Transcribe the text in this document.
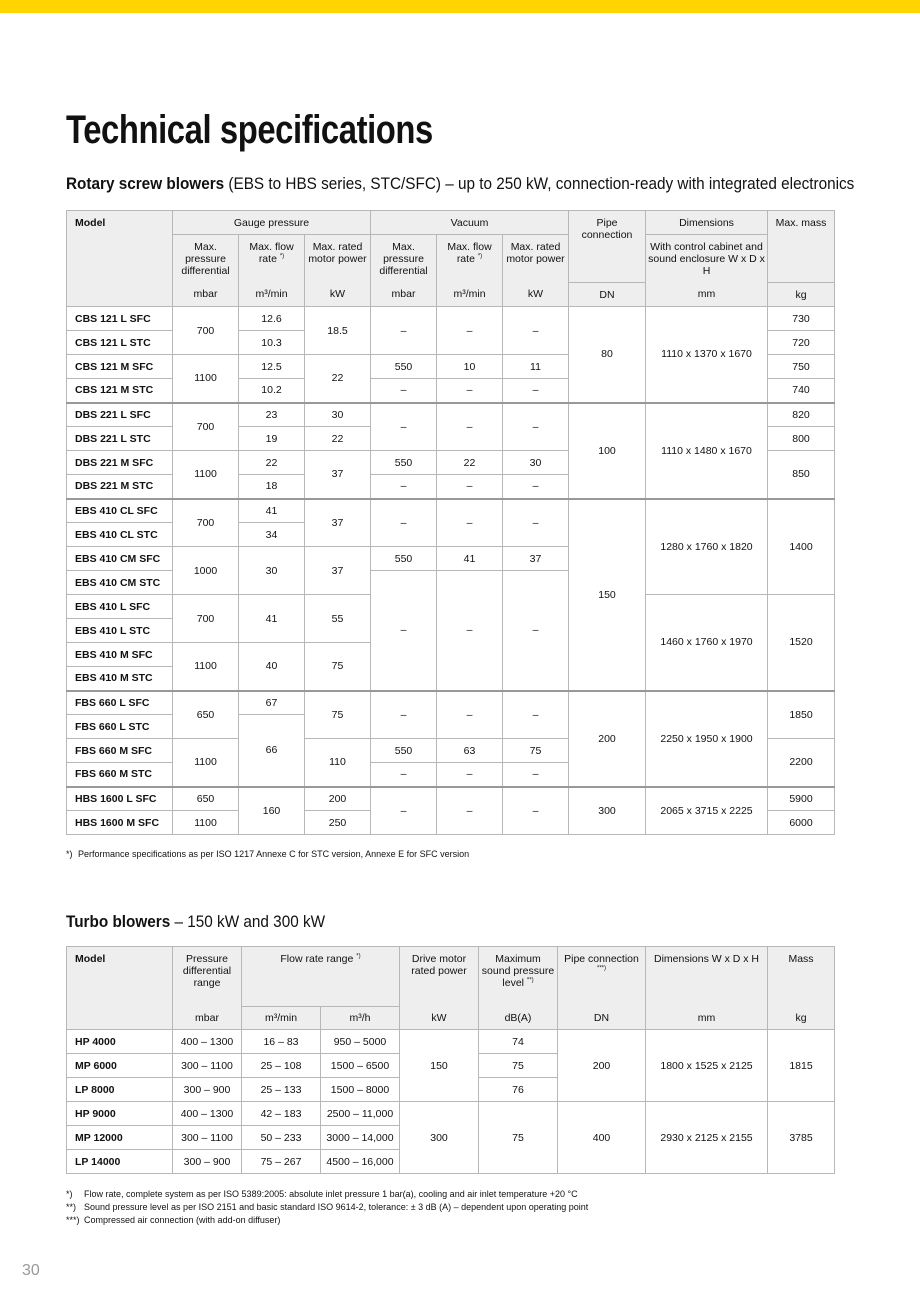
Technical specifications
Rotary screw blowers (EBS to HBS series, STC/SFC) – up to 250 kW, connection-ready with integrated electronics
Model	Gauge pressure			Vacuum			Pipe connection	Dimensions	Max. mass
	Max. pressure differential	Max. flow rate *)	Max. rated motor power	Max. pressure differential	Max. flow rate *)	Max. rated motor power		With control cabinet and sound enclosure W x D x H	
	mbar	m³/min	kW	mbar	m³/min	kW	DN	mm	kg
CBS 121 L SFC	700	12.6	18.5	–	–	–	80	1110 x 1370 x 1670	730
CBS 121 L STC		10.3							720
CBS 121 M SFC	1100	12.5	22	550	10	11			750
CBS 121 M STC		10.2		–	–	–			740
DBS 221 L SFC	700	23	30	–	–	–	100	1110 x 1480 x 1670	820
DBS 221 L STC		19	22						800
DBS 221 M SFC	1100	22	37	550	22	30			850
DBS 221 M STC		18		–	–	–			
EBS 410 CL SFC	700	41	37	–	–	–	150	1280 x 1760 x 1820	1400
EBS 410 CL STC		34							
EBS 410 CM SFC	1000	30	37	550	41	37			
EBS 410 CM STC				–	–	–			
EBS 410 L SFC	700	41	55					1460 x 1760 x 1970	1520
EBS 410 L STC									
EBS 410 M SFC	1100	40	75						
EBS 410 M STC									
FBS 660 L SFC	650	67	75	–	–	–	200	2250 x 1950 x 1900	1850
FBS 660 L STC		66							
FBS 660 M SFC	1100		110	550	63	75			2200
FBS 660 M STC				–	–	–			
HBS 1600 L SFC	650	160	200	–	–	–	300	2065 x 3715 x 2225	5900
HBS 1600 M SFC	1100		250						6000
*) Performance specifications as per ISO 1217 Annexe C for STC version, Annexe E for SFC version
Turbo blowers – 150 kW and 300 kW
Model	Pressure differential range	Flow rate range *)		Drive motor rated power	Maximum sound pressure level **)	Pipe connection ***)	Dimensions W x D x H	Mass
	mbar	m³/min	m³/h	kW	dB(A)	DN	mm	kg
HP 4000	400 – 1300	16 – 83	950 – 5000	150	74	200	1800 x 1525 x 2125	1815
MP 6000	300 – 1100	25 – 108	1500 – 6500		75			
LP 8000	300 – 900	25 – 133	1500 – 8000		76			
HP 9000	400 – 1300	42 – 183	2500 – 11,000	300	75	400	2930 x 2125 x 2155	3785
MP 12000	300 – 1100	50 – 233	3000 – 14,000					
LP 14000	300 – 900	75 – 267	4500 – 16,000					
*) Flow rate, complete system as per ISO 5389:2005: absolute inlet pressure 1 bar(a), cooling and air inlet temperature +20 °C
**) Sound pressure level as per ISO 2151 and basic standard ISO 9614-2, tolerance: ± 3 dB (A) – dependent upon operating point
***) Compressed air connection (with add-on diffuser)
30
